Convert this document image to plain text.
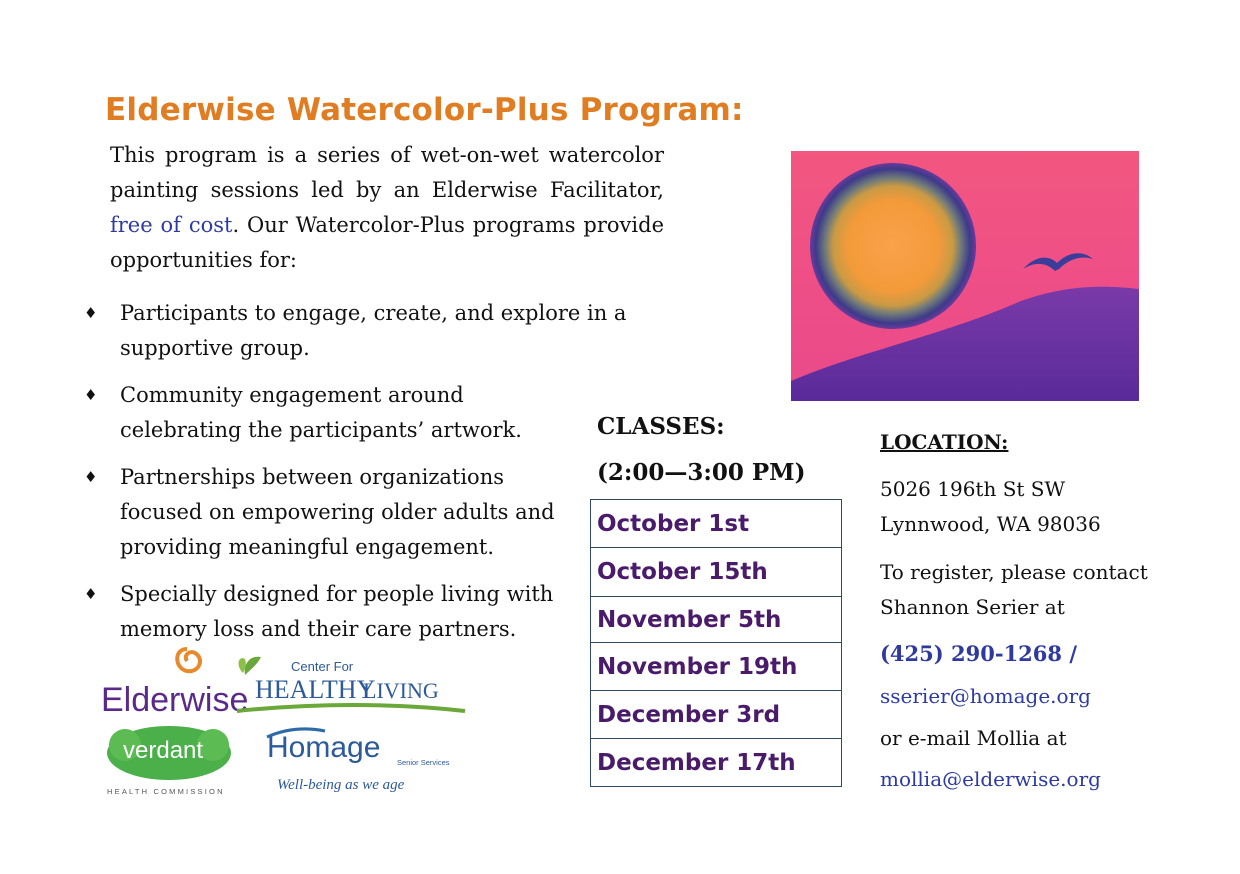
Elderwise Watercolor-Plus Program:
This program is a series of wet-on-wet watercolor painting sessions led by an Elderwise Facilitator, free of cost. Our Watercolor-Plus programs provide opportunities for:
♦ Participants to engage, create, and explore in a
supportive group.
♦ Community engagement around
celebrating the participants’ artwork.
♦ Partnerships between organizations
focused on empowering older adults and
providing meaningful engagement.
♦ Specially designed for people living with
memory loss and their care partners.
CLASSES:
(2:00—3:00 PM)
October 1st
October 15th
November 5th
November 19th
December 3rd
December 17th
LOCATION:
5026 196th St SW
Lynnwood, WA 98036
To register, please contact
Shannon Serier at
(425) 290-1268 /
sserier@homage.org
or e-mail Mollia at
mollia@elderwise.org
Elderwise
Center For
HEALTHY
LIVING
verdant
HEALTH COMMISSION
Homage Senior Services
Well-being as we age
